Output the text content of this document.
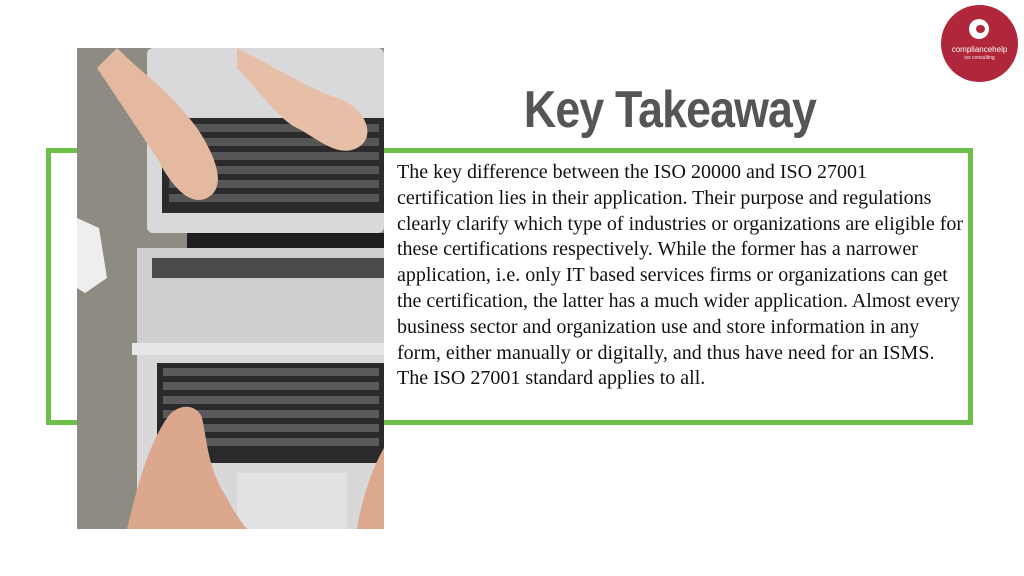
Key Takeaway
The key difference between the ISO 20000 and ISO 27001 certification lies in their application. Their purpose and regulations clearly clarify which type of industries or organizations are eligible for these certifications respectively. While the former has a narrower application, i.e. only IT based services firms or organizations can get the certification, the latter has a much wider application. Almost every business sector and organization use and store information in any form, either manually or digitally, and thus have need for an ISMS. The ISO 27001 standard applies to all.
compliancehelp
iso consulting
